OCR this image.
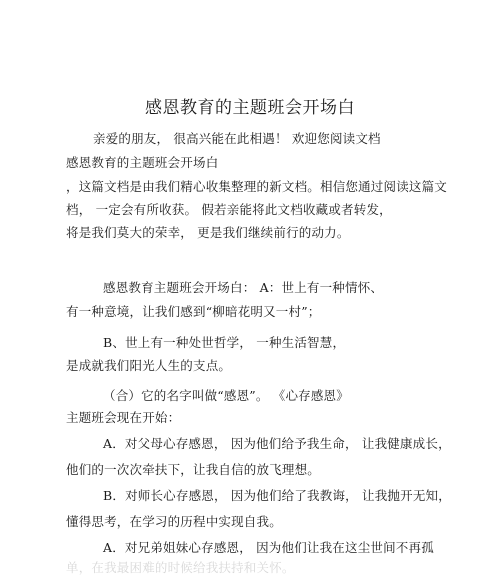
感恩教育的主题班会开场白
亲爱的朋友， 很高兴能在此相遇！ 欢迎您阅读文档
感恩教育的主题班会开场白
，这篇文档是由我们精心收集整理的新文档。相信您通过阅读这篇文
档， 一定会有所收获。 假若亲能将此文档收藏或者转发，
将是我们莫大的荣幸， 更是我们继续前行的动力。
感恩教育主题班会开场白： A：世上有一种情怀、
有一种意境，让我们感到“柳暗花明又一村”；
B、世上有一种处世哲学， 一种生活智慧，
是成就我们阳光人生的支点。
（合）它的名字叫做“感恩”。 《心存感恩》
主题班会现在开始：
A．对父母心存感恩， 因为他们给予我生命， 让我健康成长，
他们的一次次牵扶下，让我自信的放飞理想。
B．对师长心存感恩， 因为他们给了我教诲， 让我抛开无知，
懂得思考，在学习的历程中实现自我。
A．对兄弟姐妹心存感恩， 因为他们让我在这尘世间不再孤
单，在我最困难的时候给我扶持和关怀。
